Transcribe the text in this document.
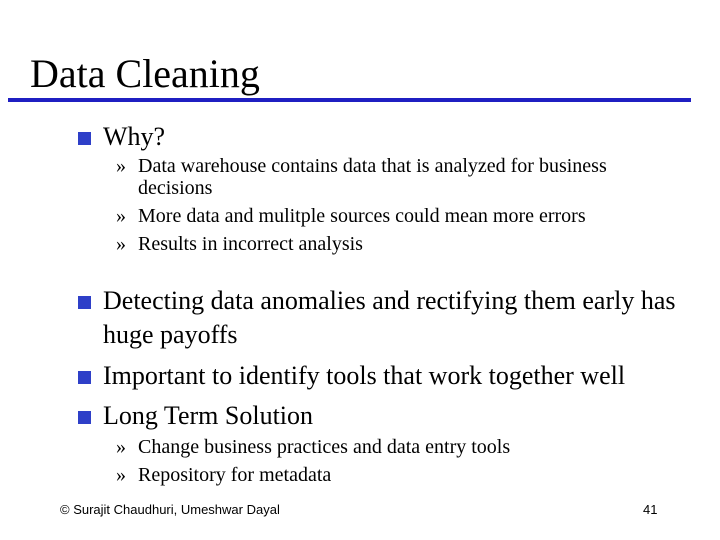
Data Cleaning
Why?
» Data warehouse contains data that is analyzed for business decisions
» More data and mulitple sources could mean more errors
» Results in incorrect analysis
Detecting data anomalies and rectifying them early has huge payoffs
Important to identify tools that work together well
Long Term Solution
» Change business practices and data entry tools
» Repository for metadata
© Surajit Chaudhuri, Umeshwar Dayal	41
